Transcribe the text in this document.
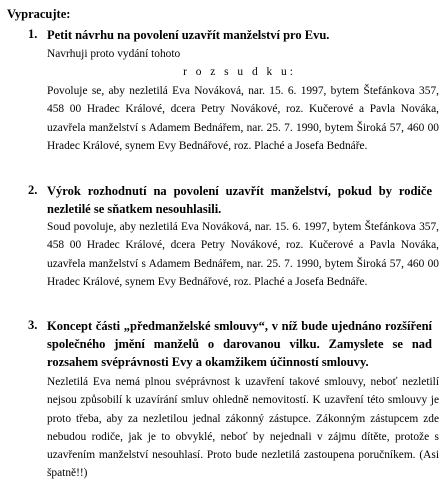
Vypracujte:
1. Petit návrhu na povolení uzavřít manželství pro Evu.
Navrhuji proto vydání tohoto
r o z s u d k u:
Povoluje se, aby nezletilá Eva Nováková, nar. 15. 6. 1997, bytem Štefánkova 357, 458 00 Hradec Králové, dcera Petry Novákové, roz. Kučerové a Pavla Nováka, uzavřela manželství s Adamem Bednářem, nar. 25. 7. 1990, bytem Široká 57, 460 00 Hradec Králové, synem Evy Bednářové, roz. Plaché a Josefa Bednáře.
2. Výrok rozhodnutí na povolení uzavřít manželství, pokud by rodiče nezletilé se sňatkem nesouhlasili.
Soud povoluje, aby nezletilá Eva Nováková, nar. 15. 6. 1997, bytem Štefánkova 357, 458 00 Hradec Králové, dcera Petry Novákové, roz. Kučerové a Pavla Nováka, uzavřela manželství s Adamem Bednářem, nar. 25. 7. 1990, bytem Široká 57, 460 00 Hradec Králové, synem Evy Bednářové, roz. Plaché a Josefa Bednáře.
3. Koncept části „předmanželské smlouvy“, v níž bude ujednáno rozšíření společného jmění manželů o darovanou vilku. Zamyslete se nad rozsahem svéprávnosti Evy a okamžikem účinností smlouvy.
Nezletilá Eva nemá plnou svéprávnost k uzavření takové smlouvy, neboť nezletilí nejsou způsobilí k uzavírání smluv ohledně nemovitostí. K uzavření této smlouvy je proto třeba, aby za nezletilou jednal zákonný zástupce. Zákonným zástupcem zde nebudou rodiče, jak je to obvyklé, neboť by nejednali v zájmu dítěte, protože s uzavřením manželství nesouhlasí. Proto bude nezletilá zastoupena poručníkem. (Asi špatně!!)
